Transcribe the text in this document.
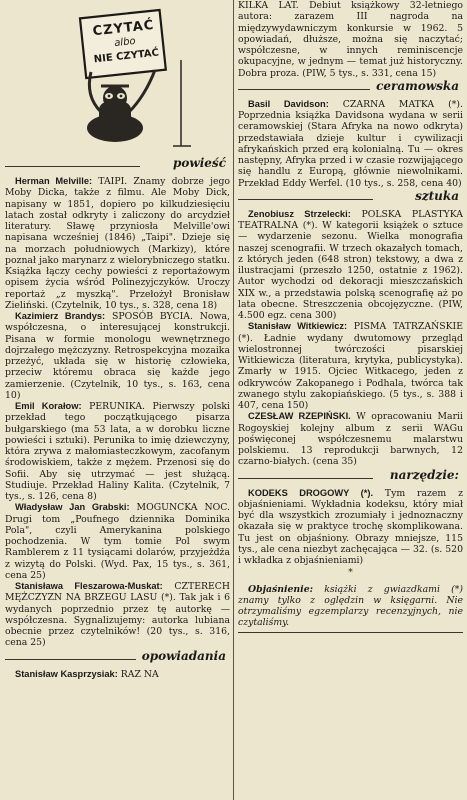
CZYTAĆ
albo
NIE CZYTAĆ
powieść

Herman Melville: TAIPI. Znamy dobrze jego Moby Dicka, także z filmu. Ale Moby Dick, napisany w 1851, dopiero po kilkudziesięciu latach został odkryty i zaliczony do arcydzieł literatury. Sławę przyniosła Melville'owi napisana wcześniej (1846) „Taipi". Dzieje się na morzach południowych (Markizy), które poznał jako marynarz z wielorybniczego statku. Książka łączy cechy powieści z reportażowym opisem życia wśród Polinezyjczyków. Uroczy reportaż „z myszką". Przełożył Bronisław Zieliński. (Czytelnik, 10 tys., s. 328, cena 18)

Kazimierz Brandys: SPOSÓB BYCIA. Nowa, współczesna, o interesującej konstrukcji. Pisana w formie monologu wewnętrznego dojrzałego mężczyzny. Retrospekcyjna mozaika przeżyć, układa się w historię człowieka, przeciw któremu obraca się każde jego zamierzenie. (Czytelnik, 10 tys., s. 163, cena 10)

Emil Korałow: PERUNIKA. Pierwszy polski przekład tego początkującego pisarza bułgarskiego (ma 53 lata, a w dorobku liczne powieści i sztuki). Perunika to imię dziewczyny, która zrywa z małomiasteczkowym, zacofanym środowiskiem, także z mężem. Przenosi się do Sofii. Aby się utrzymać — jest służącą. Studiuje. Przekład Haliny Kalita. (Czytelnik, 7 tys., s. 126, cena 8)

Władysław Jan Grabski: MOGUNCKA NOC. Drugi tom „Poufnego dziennika Dominika Pola", czyli Amerykanina polskiego pochodzenia. W tym tomie Pol swym Ramblerem z 11 tysiącami dolarów, przyjeżdża z wizytą do Polski. (Wyd. Pax, 15 tys., s. 361, cena 25)

Stanisława Fleszarowa-Muskat: CZTERECH MĘŻCZYZN NA BRZEGU LASU (*). Tak jak i 6 wydanych poprzednio przez tę autorkę — współczesna. Sygnalizujemy: autorka lubiana obecnie przez czytelników! (20 tys., s. 316, cena 25)

opowiadania

Stanisław Kasprzysiak: RAZ NA

KILKA LAT. Debiut książkowy 32-letniego autora: zarazem III nagroda na międzywydawniczym konkursie w 1962. 5 opowiadań, dłuższe, można się naczytać; współczesne, w innych reminiscencje okupacyjne, w jednym — temat już historyczny. Dobra proza. (PIW, 5 tys., s. 331, cena 15)

ceramowska

Basil Davidson: CZARNA MATKA (*). Poprzednia książka Davidsona wydana w serii ceramowskiej (Stara Afryka na nowo odkryta) przedstawiała dzieje kultur i cywilizacji afrykańskich przed erą kolonialną. Tu — okres następny, Afryka przed i w czasie rozwijającego się handlu z Europą, głównie niewolnikami. Przekład Eddy Werfel. (10 tys., s. 258, cena 40)

sztuka

Zenobiusz Strzelecki: POLSKA PLASTYKA TEATRALNA (*). W kategorii książek o sztuce — wydarzenie sezonu. Wielka monografia naszej scenografii. W trzech okazałych tomach, z których jeden (648 stron) tekstowy, a dwa z ilustracjami (przeszło 1250, ostatnie z 1962). Autor wychodzi od dekoracji mieszczańskich XIX w., a przedstawia polską scenografię aż po lata obecne. Streszczenia obcojęzyczne. (PIW, 4.500 egz. cena 300)

Stanisław Witkiewicz: PISMA TATRZAŃSKIE (*). Ładnie wydany dwutomowy przegląd wielostronnej twórczości pisarskiej Witkiewicza (literatura, krytyka, publicystyka). Zmarły w 1915. Ojciec Witkacego, jeden z odkrywców Zakopanego i Podhala, twórca tak zwanego stylu zakopiańskiego. (5 tys., s. 388 i 407, cena 150)

CZESŁAW RZEPIŃSKI. W opracowaniu Marii Rogoyskiej kolejny album z serii WAGu poświęconej współczesnemu malarstwu polskiemu. 13 reprodukcji barwnych, 12 czarno-białych. (cena 35)

narzędzie:

KODEKS DROGOWY (*). Tym razem z objaśnieniami. Wykładnia kodeksu, który miał być dla wszystkich zrozumiały i jednoznaczny okazała się w praktyce trochę skomplikowana. Tu jest on objaśniony. Obrazy mniejsze, 115 tys., ale cena niezbyt zachęcająca — 32. (s. 520 i wkładka z objaśnieniami)

*

Objaśnienie: książki z gwiazdkami (*) znamy tylko z oględzin w księgarni. Nie otrzymaliśmy egzemplarzy recenzyjnych, nie czytaliśmy.
